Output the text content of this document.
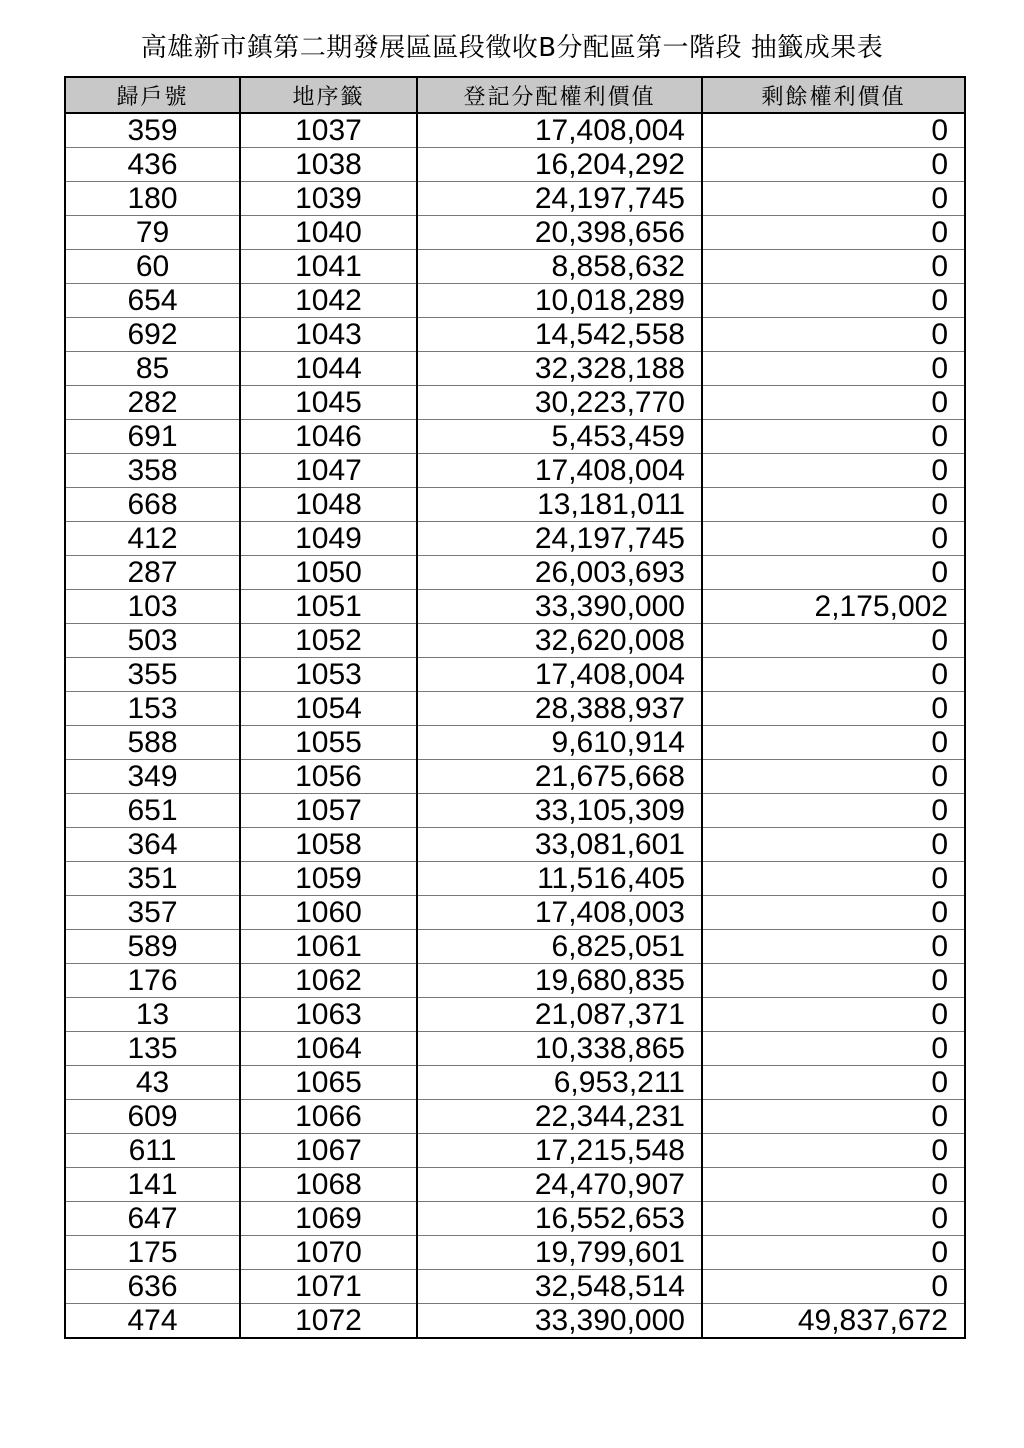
高雄新市鎮第二期發展區區段徵收B分配區第一階段 抽籤成果表
歸戶號	地序籤	登記分配權利價值	剩餘權利價值
359	1037	17,408,004	0
436	1038	16,204,292	0
180	1039	24,197,745	0
79	1040	20,398,656	0
60	1041	8,858,632	0
654	1042	10,018,289	0
692	1043	14,542,558	0
85	1044	32,328,188	0
282	1045	30,223,770	0
691	1046	5,453,459	0
358	1047	17,408,004	0
668	1048	13,181,011	0
412	1049	24,197,745	0
287	1050	26,003,693	0
103	1051	33,390,000	2,175,002
503	1052	32,620,008	0
355	1053	17,408,004	0
153	1054	28,388,937	0
588	1055	9,610,914	0
349	1056	21,675,668	0
651	1057	33,105,309	0
364	1058	33,081,601	0
351	1059	11,516,405	0
357	1060	17,408,003	0
589	1061	6,825,051	0
176	1062	19,680,835	0
13	1063	21,087,371	0
135	1064	10,338,865	0
43	1065	6,953,211	0
609	1066	22,344,231	0
611	1067	17,215,548	0
141	1068	24,470,907	0
647	1069	16,552,653	0
175	1070	19,799,601	0
636	1071	32,548,514	0
474	1072	33,390,000	49,837,672
